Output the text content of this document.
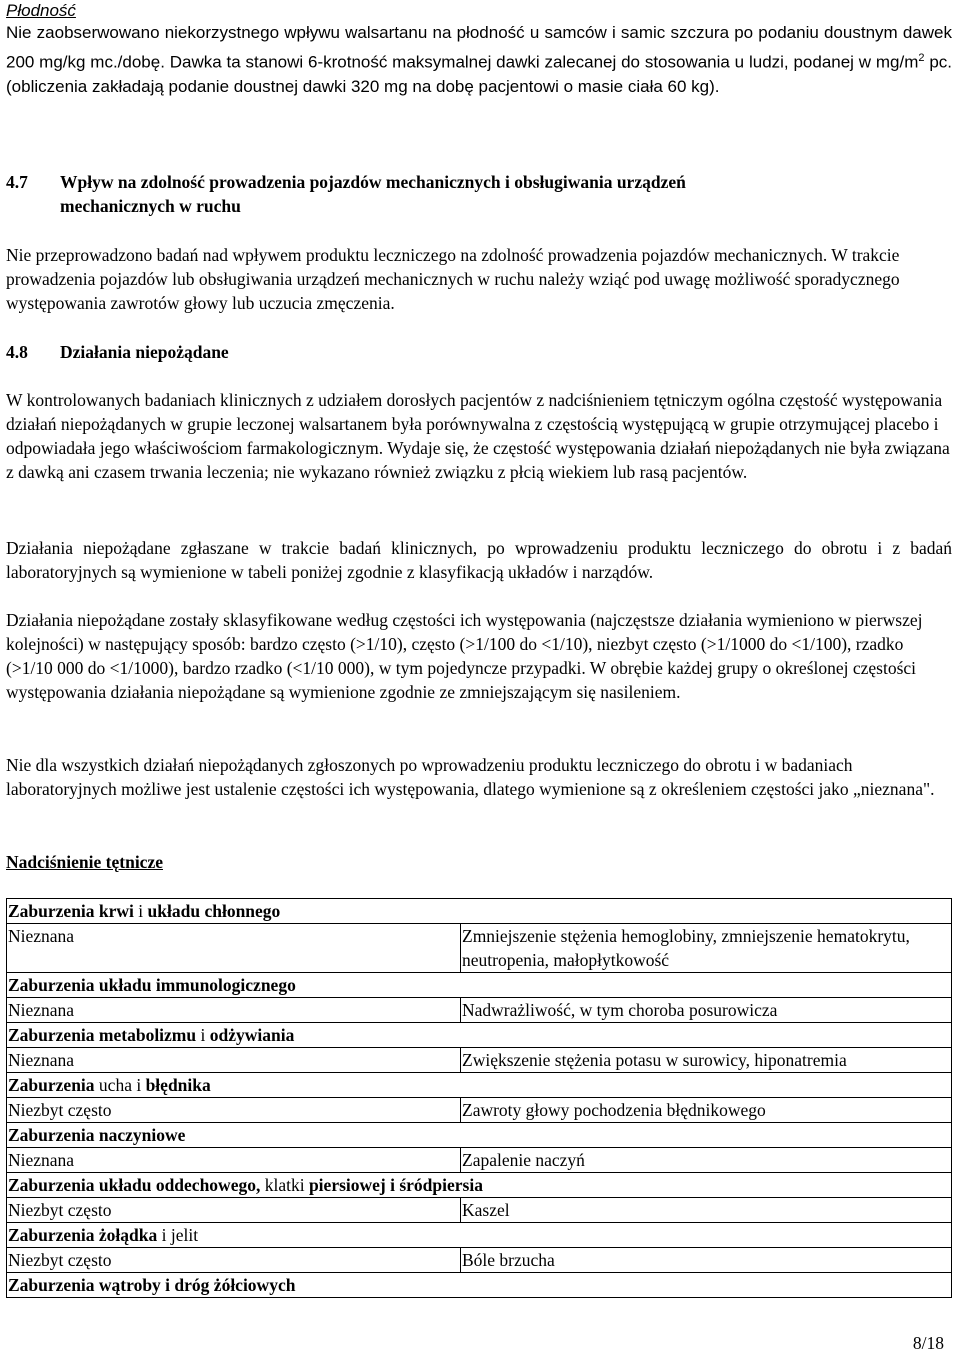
Płodność
Nie zaobserwowano niekorzystnego wpływu walsartanu na płodność u samców i samic szczura po podaniu doustnym dawek 200 mg/kg mc./dobę. Dawka ta stanowi 6-krotność maksymalnej dawki zalecanej do stosowania u ludzi, podanej w $mg/m^2$ pc. (obliczenia zakładają podanie doustnej dawki 320 mg na dobę pacjentowi o masie ciała 60 kg).
4.7 Wpływ na zdolność prowadzenia pojazdów mechanicznych i obsługiwania urządzeń
mechanicznych w ruchu
Nie przeprowadzono badań nad wpływem produktu leczniczego na zdolność prowadzenia pojazdów mechanicznych. W trakcie prowadzenia pojazdów lub obsługiwania urządzeń mechanicznych w ruchu należy wziąć pod uwagę możliwość sporadycznego występowania zawrotów głowy lub uczucia zmęczenia.
4.8 Działania niepożądane
W kontrolowanych badaniach klinicznych z udziałem dorosłych pacjentów z nadciśnieniem tętniczym ogólna częstość występowania działań niepożądanych w grupie leczonej walsartanem była porównywalna z częstością występującą w grupie otrzymującej placebo i odpowiadała jego właściwościom farmakologicznym. Wydaje się, że częstość występowania działań niepożądanych nie była związana z dawką ani czasem trwania leczenia; nie wykazano również związku z płcią wiekiem lub rasą pacjentów.
Działania niepożądane zgłaszane w trakcie badań klinicznych, po wprowadzeniu produktu leczniczego do obrotu i z badań laboratoryjnych są wymienione w tabeli poniżej zgodnie z klasyfikacją układów i narządów.
Działania niepożądane zostały sklasyfikowane według częstości ich występowania (najczęstsze działania wymieniono w pierwszej kolejności) w następujący sposób: bardzo często (>1/10), często (>1/100 do <1/10), niezbyt często (>1/1000 do <1/100), rzadko (>1/10 000 do <1/1000), bardzo rzadko (<1/10 000), w tym pojedyncze przypadki. W obrębie każdej grupy o określonej częstości występowania działania niepożądane są wymienione zgodnie ze zmniejszającym się nasileniem.
Nie dla wszystkich działań niepożądanych zgłoszonych po wprowadzeniu produktu leczniczego do obrotu i w badaniach laboratoryjnych możliwe jest ustalenie częstości ich występowania, dlatego wymienione są z określeniem częstości jako „nieznana".
Nadciśnienie tętnicze
Zaburzenia krwi i układu chłonnego	
Nieznana	Zmniejszenie stężenia hemoglobiny, zmniejszenie hematokrytu, neutropenia, małopłytkowość
Zaburzenia układu immunologicznego	
Nieznana	Nadwrażliwość, w tym choroba posurowicza
Zaburzenia metabolizmu i odżywiania	
Nieznana	Zwiększenie stężenia potasu w surowicy, hiponatremia
Zaburzenia ucha i błędnika	
Niezbyt często	Zawroty głowy pochodzenia błędnikowego
Zaburzenia naczyniowe	
Nieznana	Zapalenie naczyń
Zaburzenia układu oddechowego, klatki piersiowej i śródpiersia	
Niezbyt często	Kaszel
Zaburzenia żołądka i jelit	
Niezbyt często	Bóle brzucha
Zaburzenia wątroby i dróg żółciowych	
8/18
